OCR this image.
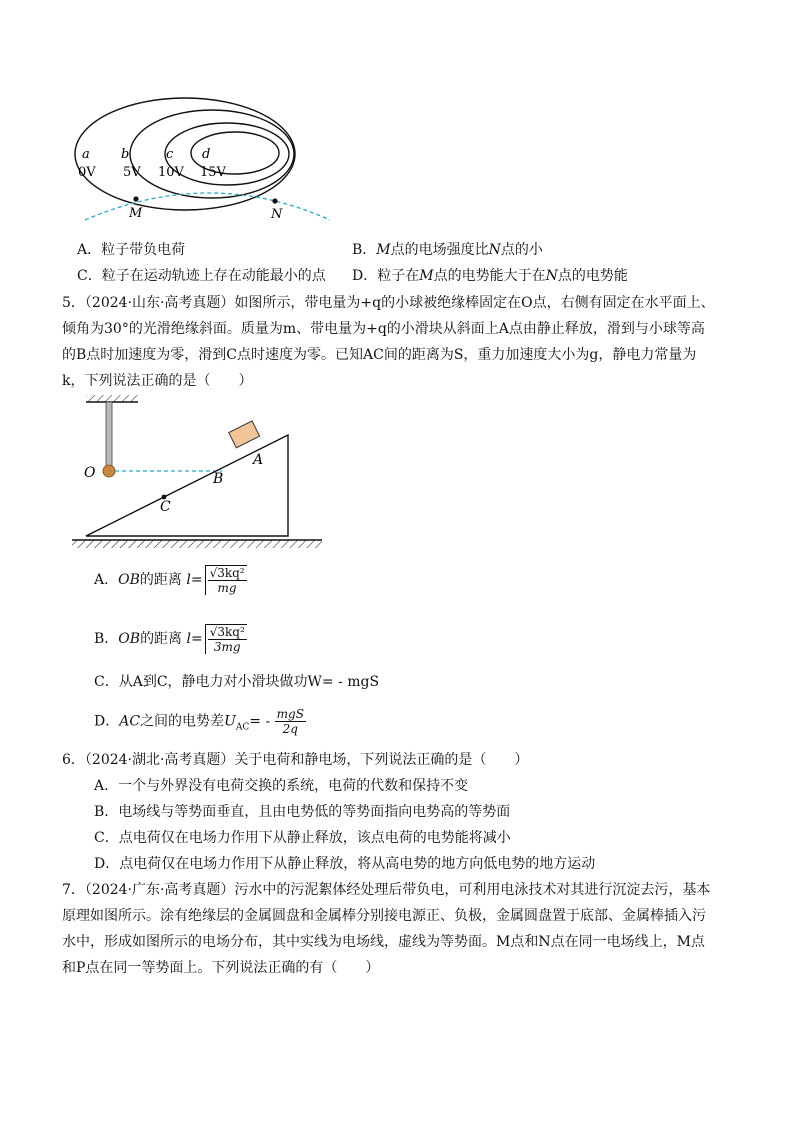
a
0V
b
5V
c
10V
d
15V
M	N
A．粒子带负电荷	B．M点的电场强度比N点的小
C．粒子在运动轨迹上存在动能最小的点 D．粒子在M点的电势能大于在N点的电势能
5．（2024·山东·高考真题）如图所示，带电量为+q的小球被绝缘棒固定在O点，右侧有固定在水平面上、
倾角为30°的光滑绝缘斜面。质量为m、带电量为+q的小滑块从斜面上A点由静止释放，滑到与小球等高
的B点时加速度为零，滑到C点时速度为零。已知AC间的距离为S，重力加速度大小为g，静电力常量为
k，下列说法正确的是（　　）
O
A
B
C
A．OB的距离 $l= \frac{\text{√3kq²}}{mg}$
B．OB的距离 $l= \frac{\text{√3kq²}}{3mg}$
C．从A到C，静电力对小滑块做功W= - mgS
D．AC之间的电势差$U_{AC}= - \frac{\text{mgS}}{2q}$
6．（2024·湖北·高考真题）关于电荷和静电场，下列说法正确的是（　　）
A．一个与外界没有电荷交换的系统，电荷的代数和保持不变
B．电场线与等势面垂直，且由电势低的等势面指向电势高的等势面
C．点电荷仅在电场力作用下从静止释放，该点电荷的电势能将减小
D．点电荷仅在电场力作用下从静止释放，将从高电势的地方向低电势的地方运动
7．（2024·广东·高考真题）污水中的污泥絮体经处理后带负电，可利用电泳技术对其进行沉淀去污，基本
原理如图所示。涂有绝缘层的金属圆盘和金属棒分别接电源正、负极，金属圆盘置于底部、金属棒插入污
水中，形成如图所示的电场分布，其中实线为电场线，虚线为等势面。M点和N点在同一电场线上，M点
和P点在同一等势面上。下列说法正确的有（　　）
